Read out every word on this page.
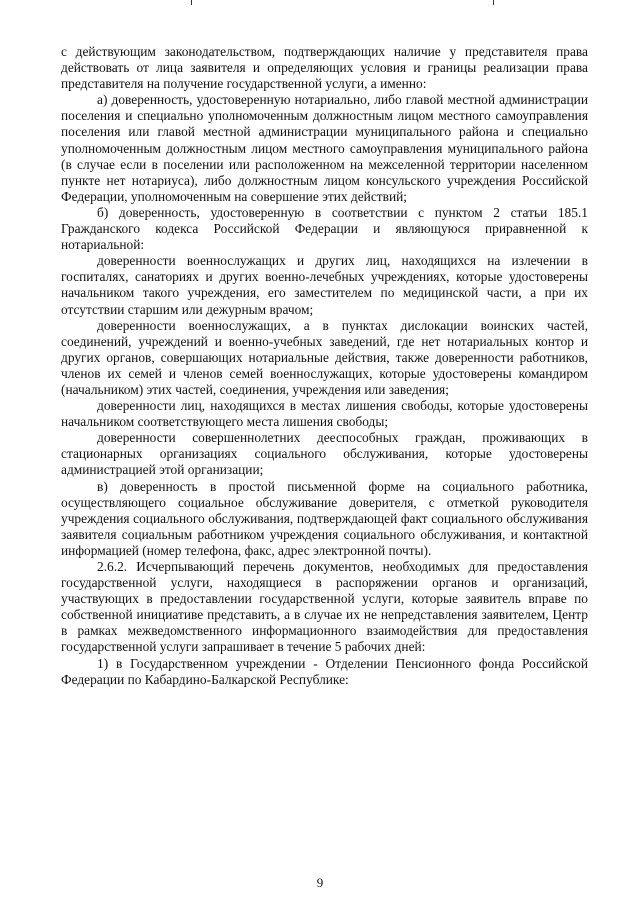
с действующим законодательством, подтверждающих наличие у представителя права действовать от лица заявителя и определяющих условия и границы реализации права представителя на получение государственной услуги, а именно:

а) доверенность, удостоверенную нотариально, либо главой местной администрации поселения и специально уполномоченным должностным лицом местного самоуправления поселения или главой местной администрации муниципального района и специально уполномоченным должностным лицом местного самоуправления муниципального района (в случае если в поселении или расположенном на межселенной территории населенном пункте нет нотариуса), либо должностным лицом консульского учреждения Российской Федерации, уполномоченным на совершение этих действий;

б) доверенность, удостоверенную в соответствии с пунктом 2 статьи 185.1 Гражданского кодекса Российской Федерации и являющуюся приравненной к нотариальной:

доверенности военнослужащих и других лиц, находящихся на излечении в госпиталях, санаториях и других военно-лечебных учреждениях, которые удостоверены начальником такого учреждения, его заместителем по медицинской части, а при их отсутствии старшим или дежурным врачом;

доверенности военнослужащих, а в пунктах дислокации воинских частей, соединений, учреждений и военно-учебных заведений, где нет нотариальных контор и других органов, совершающих нотариальные действия, также доверенности работников, членов их семей и членов семей военнослужащих, которые удостоверены командиром (начальником) этих частей, соединения, учреждения или заведения;

доверенности лиц, находящихся в местах лишения свободы, которые удостоверены начальником соответствующего места лишения свободы;

доверенности совершеннолетних дееспособных граждан, проживающих в стационарных организациях социального обслуживания, которые удостоверены администрацией этой организации;

в) доверенность в простой письменной форме на социального работника, осуществляющего социальное обслуживание доверителя, с отметкой руководителя учреждения социального обслуживания, подтверждающей факт социального обслуживания заявителя социальным работником учреждения социального обслуживания, и контактной информацией (номер телефона, факс, адрес электронной почты).

2.6.2. Исчерпывающий перечень документов, необходимых для предоставления государственной услуги, находящиеся в распоряжении органов и организаций, участвующих в предоставлении государственной услуги, которые заявитель вправе по собственной инициативе представить, а в случае их не непредставления заявителем, Центр в рамках межведомственного информационного взаимодействия для предоставления государственной услуги запрашивает в течение 5 рабочих дней:

1) в Государственном учреждении - Отделении Пенсионного фонда Российской Федерации по Кабардино-Балкарской Республике:

9
